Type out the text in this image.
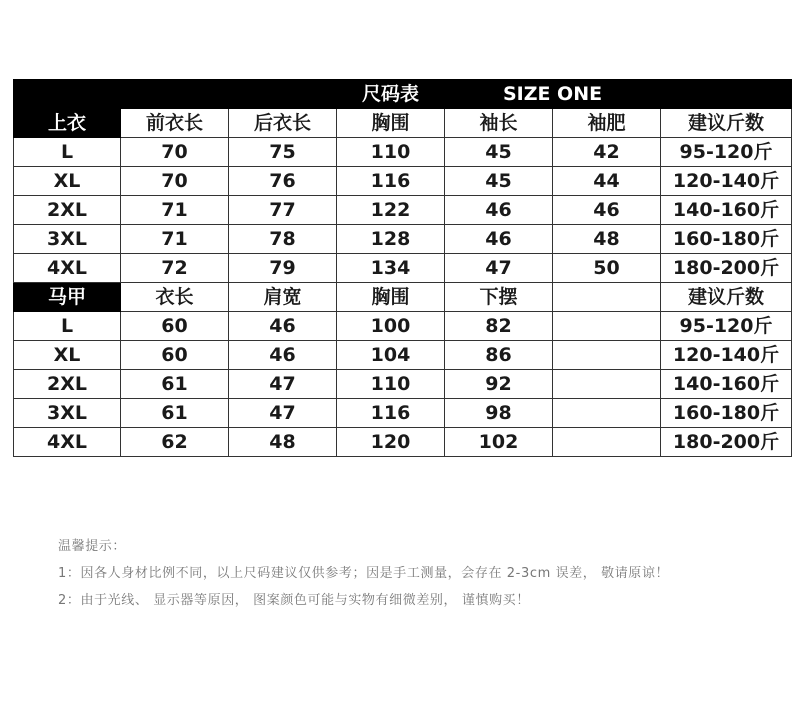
			尺码表	SIZE ONE		
上衣	前衣长	后衣长	胸围	袖长	袖肥	建议斤数
L	70	75	110	45	42	95-120斤
XL	70	76	116	45	44	120-140斤
2XL	71	77	122	46	46	140-160斤
3XL	71	78	128	46	48	160-180斤
4XL	72	79	134	47	50	180-200斤
马甲	衣长	肩宽	胸围	下摆		建议斤数
L	60	46	100	82		95-120斤
XL	60	46	104	86		120-140斤
2XL	61	47	110	92		140-160斤
3XL	61	47	116	98		160-180斤
4XL	62	48	120	102		180-200斤
温馨提示：
1：因各人身材比例不同，以上尺码建议仅供参考；因是手工测量，会存在 2-3cm 误差， 敬请原谅！
2：由于光线、 显示器等原因， 图案颜色可能与实物有细微差别， 谨慎购买！
